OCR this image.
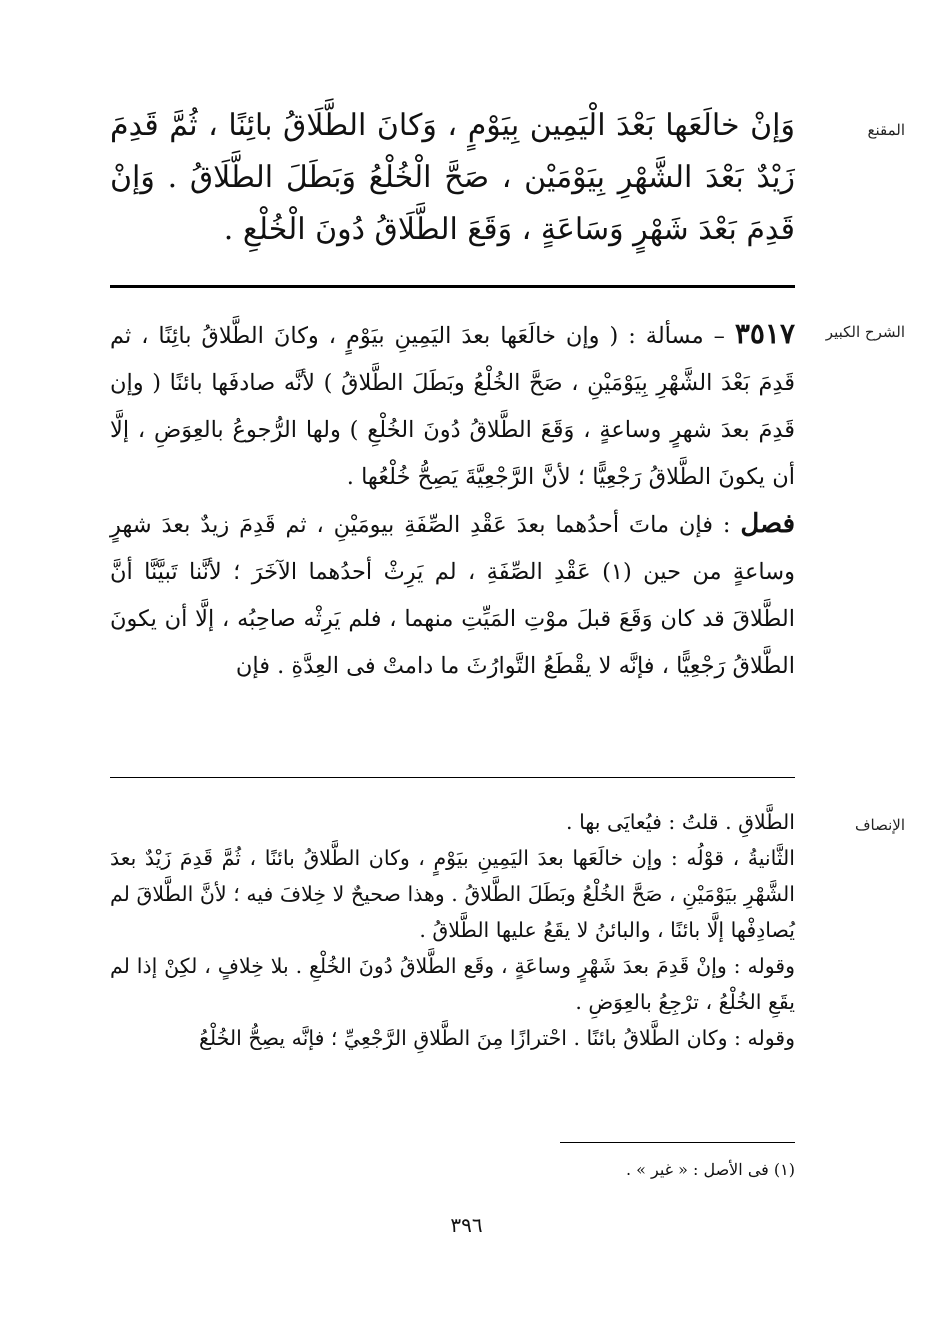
المقنع

وَإنْ خالَعَها بَعْدَ الْيَمِين بِيَوْمٍ ، وَكانَ الطَّلَاقُ بائِنًا ، ثُمَّ قَدِمَ زَيْدٌ بَعْدَ الشَّهْرِ بِيَوْمَيْن ، صَحَّ الْخُلْعُ وَبَطَلَ الطَّلَاقُ . وَإنْ قَدِمَ بَعْدَ شَهْرٍ وَسَاعَةٍ ، وَقَعَ الطَّلَاقُ دُونَ الْخُلْعِ .

الشرح الكبير

٣٥١٧ – مسألة : ( وإن خالَعَها بعدَ اليَمِينِ بيَوْمٍ ، وكانَ الطَّلاقُ بائِنًا ، ثم قَدِمَ بَعْدَ الشَّهْرِ بِيَوْمَيْنِ ، صَحَّ الخُلْعُ وبَطَلَ الطَّلاقُ ) لأنَّه صادفَها بائنًا ( وإن قَدِمَ بعدَ شهرٍ وساعةٍ ، وَقَعَ الطَّلاقُ دُونَ الخُلْعِ ) ولها الرُّجوعُ بالعِوَضِ ، إلَّا أن يكونَ الطَّلاقُ رَجْعِيًّا ؛ لأنَّ الرَّجْعِيَّةَ يَصِحُّ خُلْعُها .

فصل : فإن ماتَ أحدُهما بعدَ عَقْدِ الصِّفَةِ بيومَيْنِ ، ثم قَدِمَ زيدٌ بعدَ شهرٍ وساعةٍ من حين (١) عَقْدِ الصِّفَةِ ، لم يَرِثْ أحدُهما الآخَرَ ؛ لأنَّنا تَبيَّنَّا أنَّ الطَّلاقَ قد كان وَقَعَ قبلَ موْتِ المَيِّتِ منهما ، فلم يَرِثْه صاحِبُه ، إلَّا أن يكونَ الطَّلاقُ رَجْعِيًّا ، فإنَّه لا يقْطَعُ التَّوارُثَ ما دامتْ فى العِدَّةِ . فإن

الإنصاف

الطَّلاقِ . قلتُ : فيُعايَى بها .

الثَّانيةُ ، قوْلُه : وإن خالَعَها بعدَ اليَمِينِ بيَوْمٍ ، وكان الطَّلاقُ بائنًا ، ثُمَّ قَدِمَ زَيْدٌ بعدَ الشَّهْرِ بيَوْمَيْنِ ، صَحَّ الخُلْعُ وبَطَلَ الطَّلاقُ . وهذا صحيحٌ لا خِلافَ فيه ؛ لأنَّ الطَّلاقَ لم يُصادِفْها إلَّا بائنًا ، والبائنُ لا يقَعُ عليها الطَّلاقُ .

وقوله : وإنْ قَدِمَ بعدَ شَهْرٍ وساعَةٍ ، وقَع الطَّلاقُ دُونَ الخُلْعِ . بلا خِلافٍ ، لكِنْ إذا لم يقَعِ الخُلْعُ ، ترْجِعُ بالعِوَضِ .

وقوله : وكان الطَّلاقُ بائنًا . احْترازًا مِنَ الطَّلاقِ الرَّجْعِيِّ ؛ فإنَّه يصِحُّ الخُلْعُ

(١) فى الأصل : « غير » .
٣٩٦
